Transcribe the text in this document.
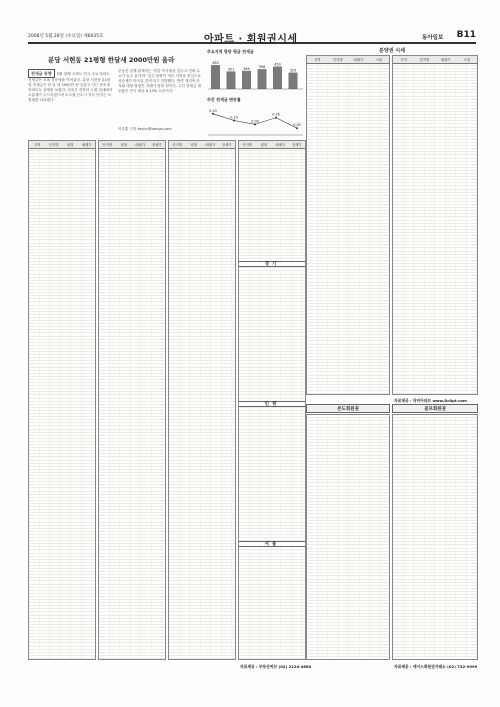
2008년 5월 28일 (수요일) 제8035호	아파트 · 회원권시세	동아일보 B11
분당 서현동 21평형 한달새 2000만원 올라
전세금 동향 5월 첫째 주에도 전국 주요 아파트 전세금은 소폭 상승세를 이어갔다. 분당 서현동 21평형 전세금은 한 달 새 2000만 원 올랐고 인근 중소형 아파트도 강세를 보였다. 서울은 강북과 노원 일대에서 오름세가 두드러졌으며 수도권 신도시 일부 단지는 보합세를 나타냈다.
부동산 업계 관계자는 '여름 이사철을 앞두고 전세 수요가 늘고 있다'며 '입주 물량이 적은 지역을 중심으로 상승세가 이어질 것'이라고 전망했다. 반면 재건축 단지와 대형 평형은 거래가 뜸한 편이다. 주간 전세금 변동률은 전국 평균 0.13% 수준이다.
이종훈 기자 taylor@donga.com
주요지역 평당 평균 전세금
480
351	364	398
450
329
주간 전세금 변동률
0.20
0.13
0.09
0.16
0.05
지역	단지명	평형	매매가	단지명	평형	매매가	전세가	단지명	평형	매매가	전세가	단지명	평형	매매가	전세가
경기
인천
서울
자료제공 : 부동산써브 (02) 2124-4680
분양권 시세
지역	단지명	매매가	시세	지역	단지명	매매가	시세
자료제공 : 닥터아파트 www.DrApt.com
콘도회원권	골프회원권
자료제공 : 에이스회원권거래소 (02) 732-9999
